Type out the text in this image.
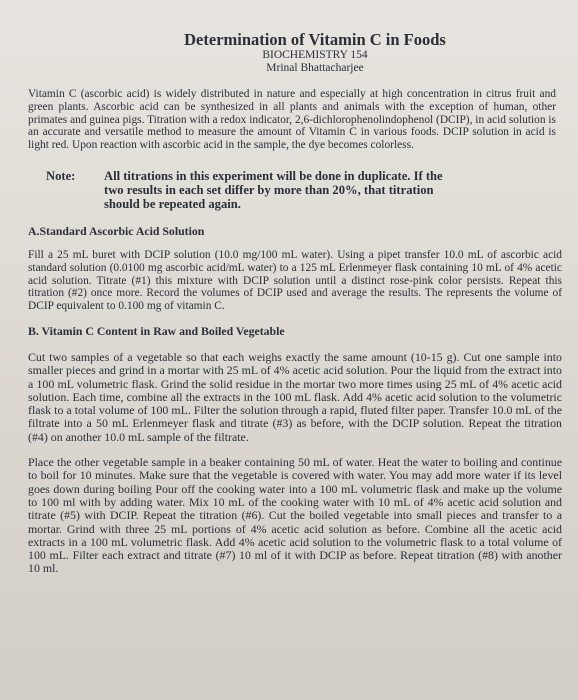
Determination of Vitamin C in Foods
BIOCHEMISTRY 154
Mrinal Bhattacharjee

Vitamin C (ascorbic acid) is widely distributed in nature and especially at high concentration in citrus fruit and green plants. Ascorbic acid can be synthesized in all plants and animals with the exception of human, other primates and guinea pigs. Titration with a redox indicator, 2,6-dichlorophenolindophenol (DCIP), in acid solution is an accurate and versatile method to measure the amount of Vitamin C in various foods. DCIP solution in acid is light red. Upon reaction with ascorbic acid in the sample, the dye becomes colorless.

Note:	All titrations in this experiment will be done in duplicate. If the two results in each set differ by more than 20%, that titration should be repeated again.
A.Standard Ascorbic Acid Solution

Fill a 25 mL buret with DCIP solution (10.0 mg/100 mL water). Using a pipet transfer 10.0 mL of ascorbic acid standard solution (0.0100 mg ascorbic acid/mL water) to a 125 mL Erlenmeyer flask containing 10 mL of 4% acetic acid solution. Titrate (#1) this mixture with DCIP solution until a distinct rose-pink color persists. Repeat this titration (#2) once more. Record the volumes of DCIP used and average the results. The represents the volume of DCIP equivalent to 0.100 mg of vitamin C.

B. Vitamin C Content in Raw and Boiled Vegetable

Cut two samples of a vegetable so that each weighs exactly the same amount (10-15 g). Cut one sample into smaller pieces and grind in a mortar with 25 mL of 4% acetic acid solution. Pour the liquid from the extract into a 100 mL volumetric flask. Grind the solid residue in the mortar two more times using 25 mL of 4% acetic acid solution. Each time, combine all the extracts in the 100 mL flask. Add 4% acetic acid solution to the volumetric flask to a total volume of 100 mL. Filter the solution through a rapid, fluted filter paper. Transfer 10.0 mL of the filtrate into a 50 mL Erlenmeyer flask and titrate (#3) as before, with the DCIP solution. Repeat the titration (#4) on another 10.0 mL sample of the filtrate.

Place the other vegetable sample in a beaker containing 50 mL of water. Heat the water to boiling and continue to boil for 10 minutes. Make sure that the vegetable is covered with water. You may add more water if its level goes down during boiling Pour off the cooking water into a 100 mL volumetric flask and make up the volume to 100 ml with by adding water. Mix 10 mL of the cooking water with 10 mL of 4% acetic acid solution and titrate (#5) with DCIP. Repeat the titration (#6). Cut the boiled vegetable into small pieces and transfer to a mortar. Grind with three 25 mL portions of 4% acetic acid solution as before. Combine all the acetic acid extracts in a 100 mL volumetric flask. Add 4% acetic acid solution to the volumetric flask to a total volume of 100 mL. Filter each extract and titrate (#7) 10 ml of it with DCIP as before. Repeat titration (#8) with another 10 ml.
